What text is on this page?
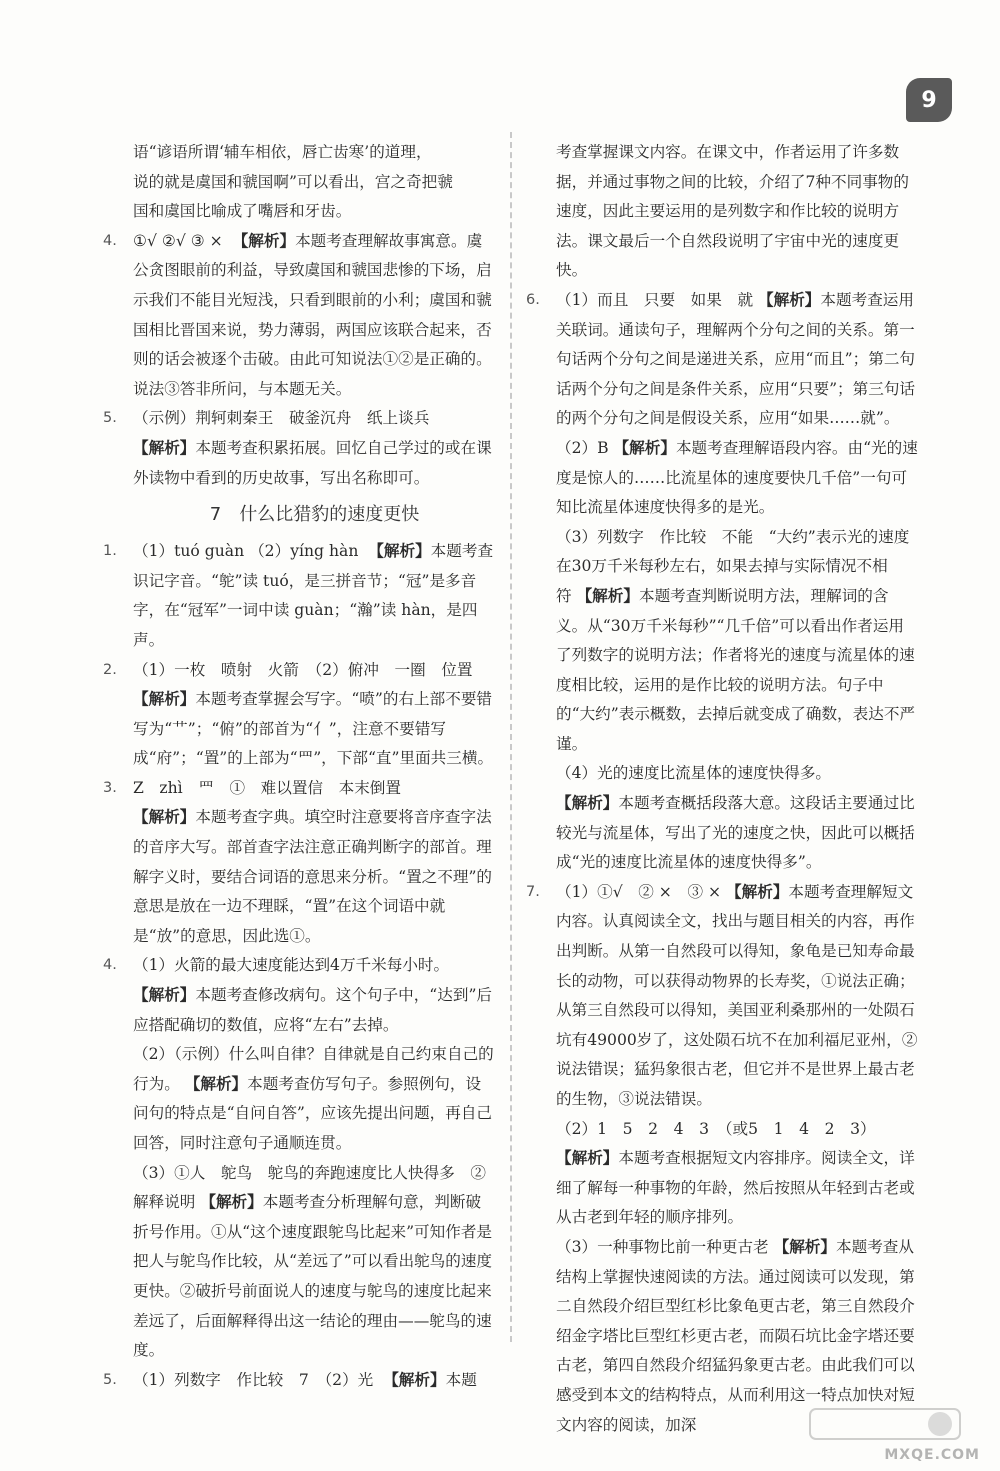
9
语“谚语所谓‘辅车相依，唇亡齿寒’的道理，
说的就是虞国和虢国啊”可以看出，宫之奇把虢
国和虞国比喻成了嘴唇和牙齿。
4. ①√ ②√ ③ × 【解析】本题考查理解故事寓意。虞公贪图眼前的利益，导致虞国和虢国悲惨的下场，启示我们不能目光短浅，只看到眼前的小利；虞国和虢国相比晋国来说，势力薄弱，两国应该联合起来，否则的话会被逐个击破。由此可知说法①②是正确的。说法③答非所问，与本题无关。
5. （示例）荆轲刺秦王　破釜沉舟　纸上谈兵
【解析】本题考查积累拓展。回忆自己学过的或在课外读物中看到的历史故事，写出名称即可。
7　什么比猎豹的速度更快
1. （1）tuó guàn （2）yíng hàn 【解析】本题考查识记字音。“鸵”读 tuó，是三拼音节；“冠”是多音字，在“冠军”一词中读 guàn；“瀚”读 hàn，是四声。
2. （1）一枚　喷射　火箭　（2）俯冲　一圈　位置
【解析】本题考查掌握会写字。“喷”的右上部不要错写为“艹”；“俯”的部首为“亻”，注意不要错写成“府”；“置”的上部为“罒”，下部“直”里面共三横。
3. Z　zhì　罒　①　难以置信　本末倒置
【解析】本题考查字典。填空时注意要将音序查字法的音序大写。部首查字法注意正确判断字的部首。理解字义时，要结合词语的意思来分析。“置之不理”的意思是放在一边不理睬，“置”在这个词语中就是“放”的意思，因此选①。
4. （1）火箭的最大速度能达到4万千米每小时。
【解析】本题考查修改病句。这个句子中，“达到”后应搭配确切的数值，应将“左右”去掉。
（2）（示例）什么叫自律？自律就是自己约束自己的行为。 【解析】本题考查仿写句子。参照例句，设问句的特点是“自问自答”，应该先提出问题，再自己回答，同时注意句子通顺连贯。
（3）①人　鸵鸟　鸵鸟的奔跑速度比人快得多　②解释说明 【解析】本题考查分析理解句意，判断破折号作用。①从“这个速度跟鸵鸟比起来”可知作者是把人与鸵鸟作比较，从“差远了”可以看出鸵鸟的速度更快。②破折号前面说人的速度与鸵鸟的速度比起来差远了，后面解释得出这一结论的理由——鸵鸟的速度。
5. （1）列数字　作比较　7　（2）光 【解析】本题
考查掌握课文内容。在课文中，作者运用了许多数据，并通过事物之间的比较，介绍了7种不同事物的速度，因此主要运用的是列数字和作比较的说明方法。课文最后一个自然段说明了宇宙中光的速度更快。
6. （1）而且　只要　如果　就 【解析】本题考查运用关联词。通读句子，理解两个分句之间的关系。第一句话两个分句之间是递进关系，应用“而且”；第二句话两个分句之间是条件关系，应用“只要”；第三句话的两个分句之间是假设关系，应用“如果……就”。
（2）B 【解析】本题考查理解语段内容。由“光的速度是惊人的……比流星体的速度要快几千倍”一句可知比流星体速度快得多的是光。
（3）列数字　作比较　不能　“大约”表示光的速度在30万千米每秒左右，如果去掉与实际情况不相符 【解析】本题考查判断说明方法，理解词的含义。从“30万千米每秒”“几千倍”可以看出作者运用了列数字的说明方法；作者将光的速度与流星体的速度相比较，运用的是作比较的说明方法。句子中的“大约”表示概数，去掉后就变成了确数，表达不严谨。
（4）光的速度比流星体的速度快得多。
【解析】本题考查概括段落大意。这段话主要通过比较光与流星体，写出了光的速度之快，因此可以概括成“光的速度比流星体的速度快得多”。
7. （1）①√　② ×　③ × 【解析】本题考查理解短文内容。认真阅读全文，找出与题目相关的内容，再作出判断。从第一自然段可以得知，象龟是已知寿命最长的动物，可以获得动物界的长寿奖，①说法正确；从第三自然段可以得知，美国亚利桑那州的一处陨石坑有49000岁了，这处陨石坑不在加利福尼亚州，②说法错误；猛犸象很古老，但它并不是世界上最古老的生物，③说法错误。
（2）1　5　2　4　3　（或5　1　4　2　3）
【解析】本题考查根据短文内容排序。阅读全文，详细了解每一种事物的年龄，然后按照从年轻到古老或从古老到年轻的顺序排列。
（3）一种事物比前一种更古老 【解析】本题考查从结构上掌握快速阅读的方法。通过阅读可以发现，第二自然段介绍巨型红杉比象龟更古老，第三自然段介绍金字塔比巨型红杉更古老，而陨石坑比金字塔还要古老，第四自然段介绍猛犸象更古老。由此我们可以感受到本文的结构特点，从而利用这一特点加快对短文内容的阅读，加深
MXQE.COM
